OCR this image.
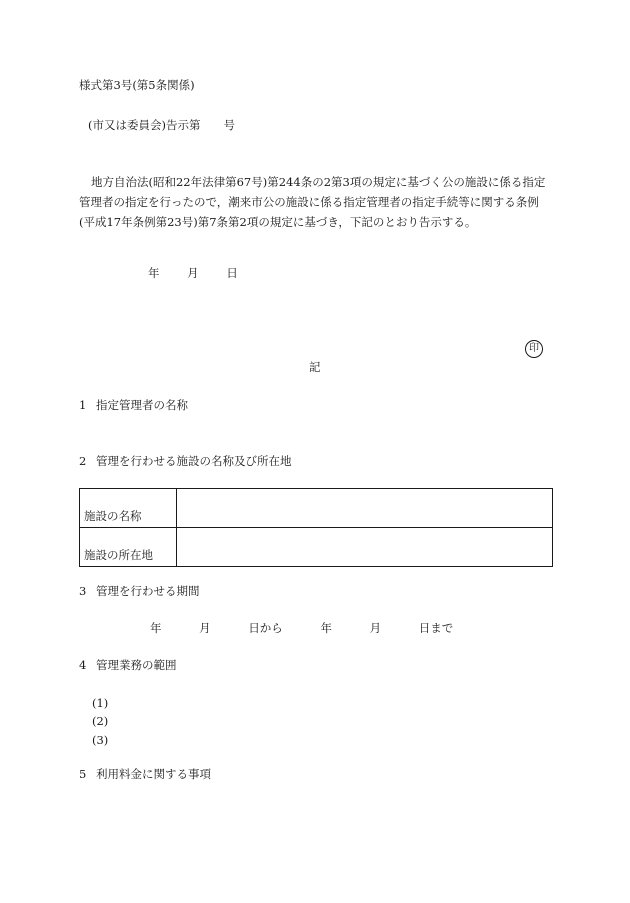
様式第3号(第5条関係)
(市又は委員会)告示第　　号
地方自治法(昭和22年法律第67号)第244条の2第3項の規定に基づく公の施設に係る指定
管理者の指定を行ったので，潮来市公の施設に係る指定管理者の指定手続等に関する条例
(平成17年条例第23号)第7条第2項の規定に基づき，下記のとおり告示する。
年 月 日
印
記
1 指定管理者の名称
2 管理を行わせる施設の名称及び所在地
施設の名称	
施設の所在地	
3 管理を行わせる期間
年	月	日から	年	月	日まで
4 管理業務の範囲
(1)
(2)
(3)
5 利用料金に関する事項
